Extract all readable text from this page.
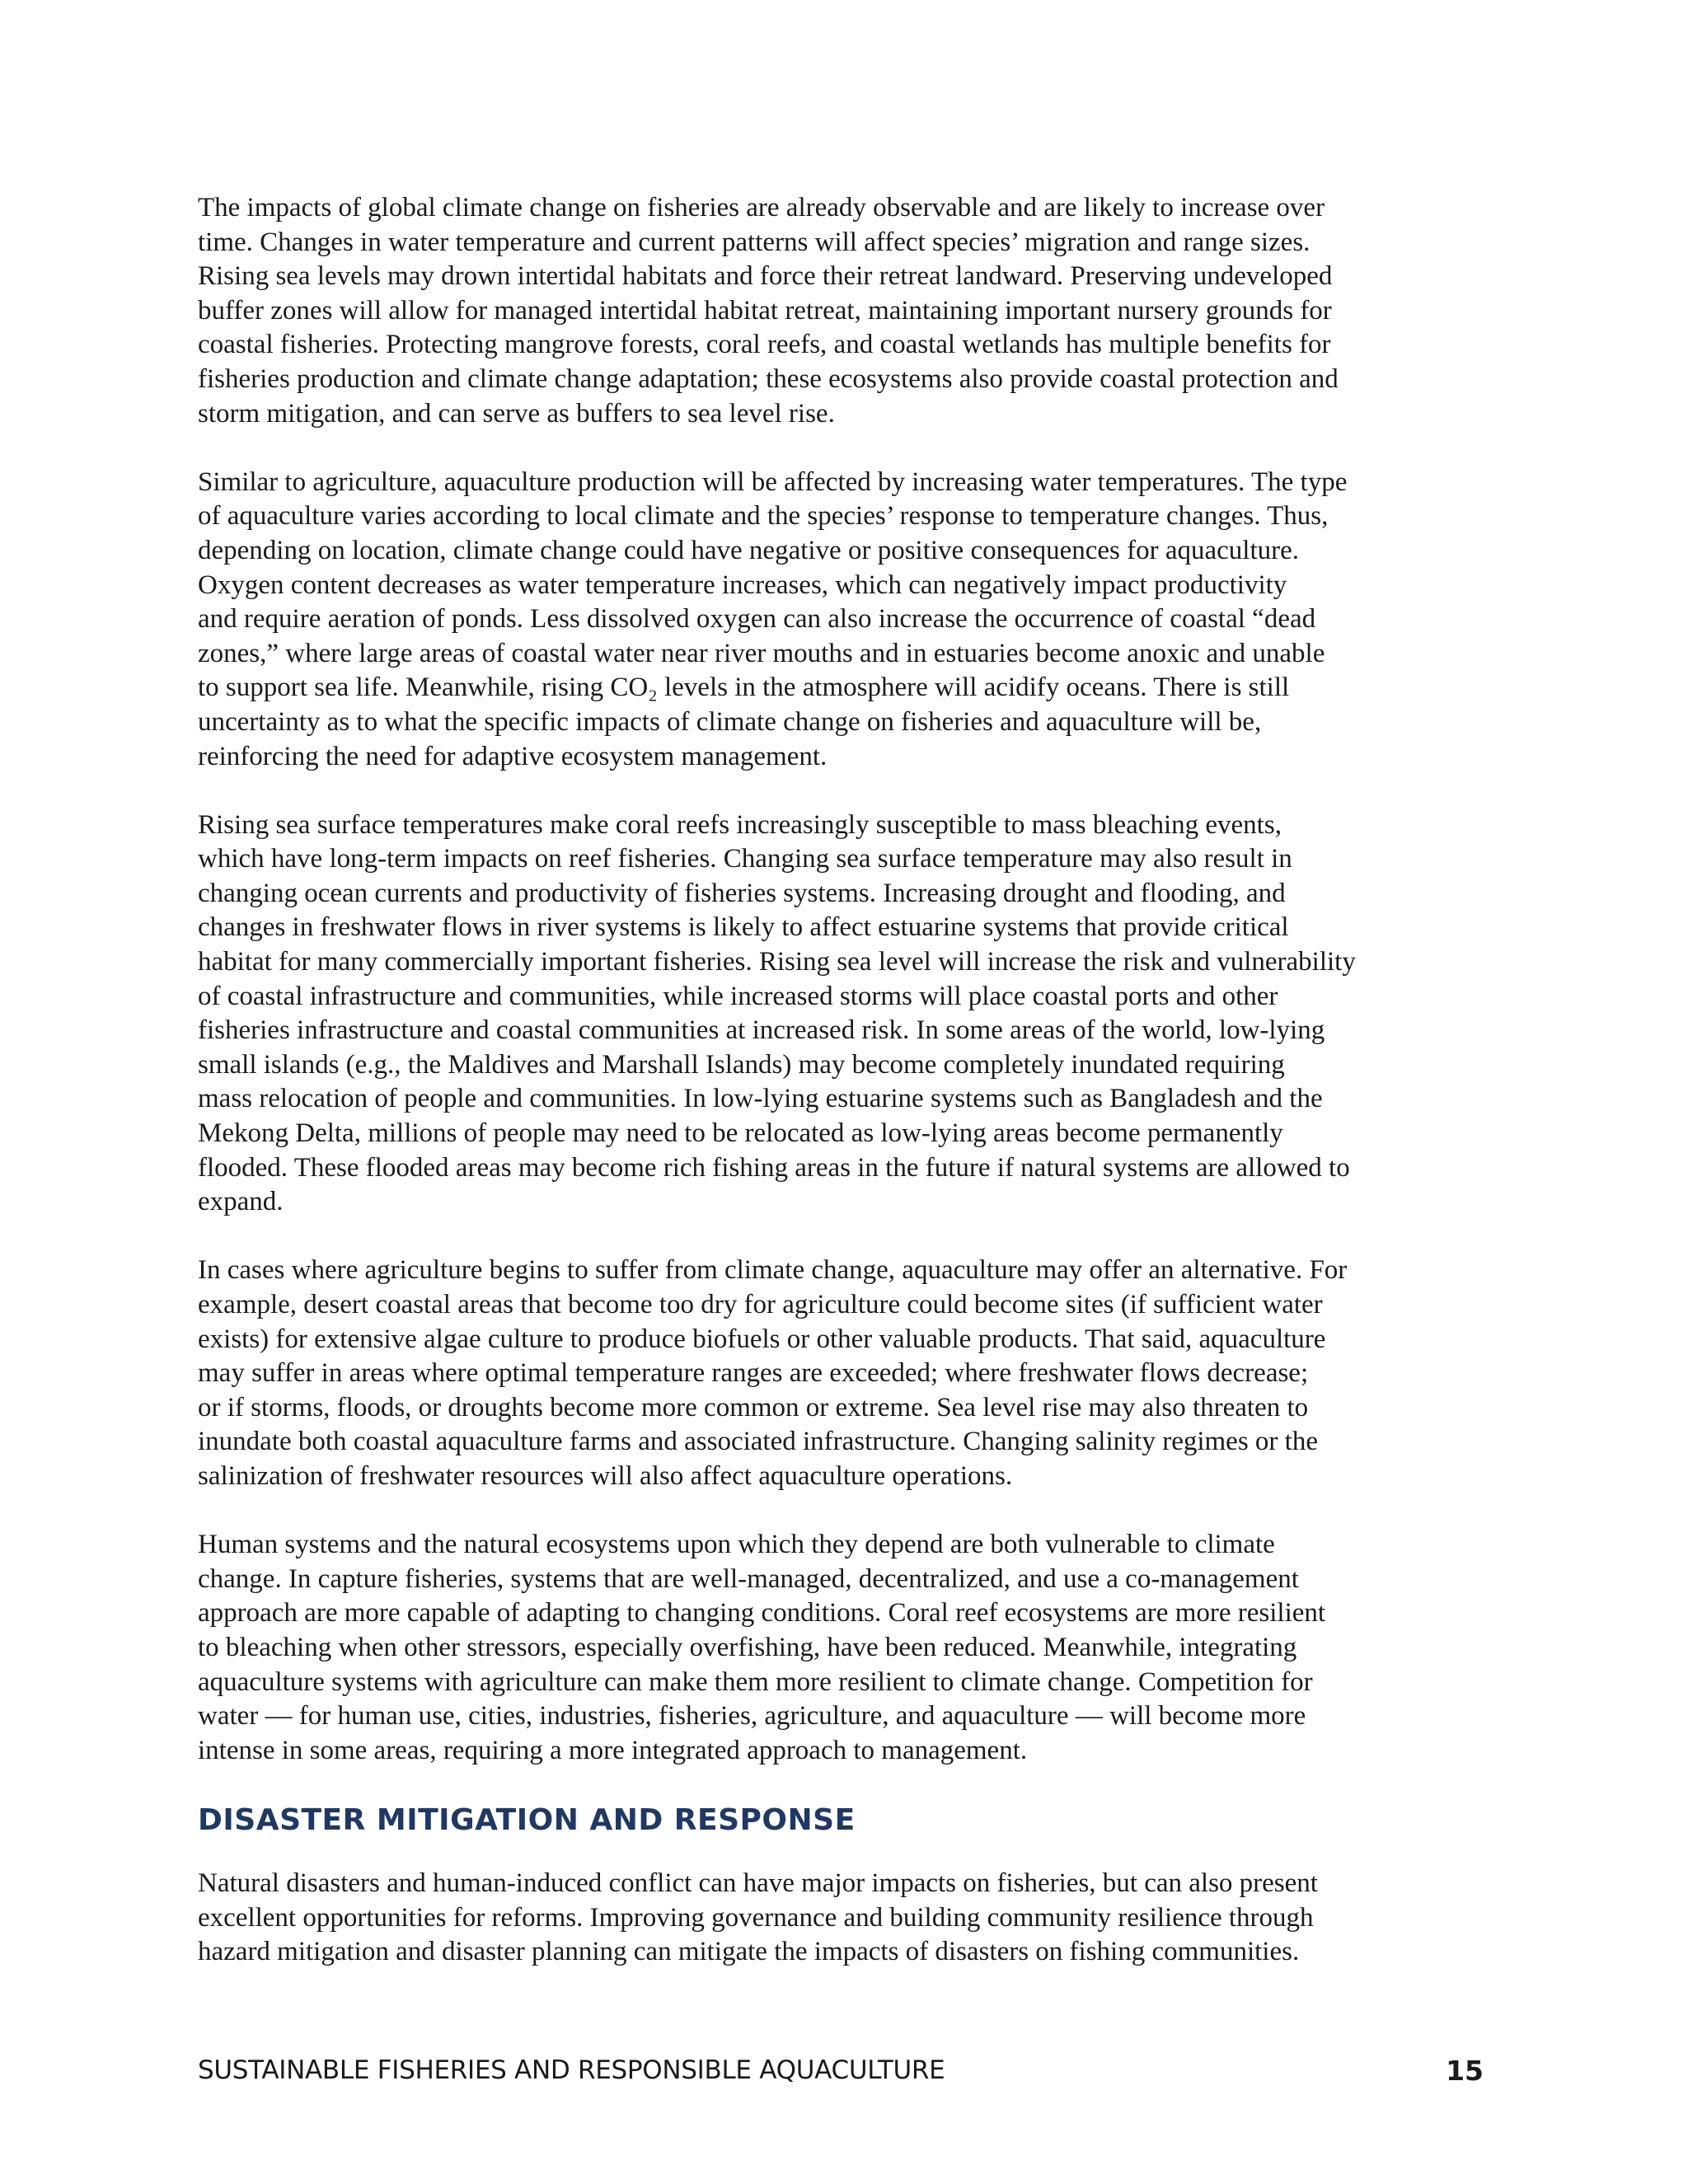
The impacts of global climate change on fisheries are already observable and are likely to increase over
time. Changes in water temperature and current patterns will affect species’ migration and range sizes.
Rising sea levels may drown intertidal habitats and force their retreat landward. Preserving undeveloped
buffer zones will allow for managed intertidal habitat retreat, maintaining important nursery grounds for
coastal fisheries. Protecting mangrove forests, coral reefs, and coastal wetlands has multiple benefits for
fisheries production and climate change adaptation; these ecosystems also provide coastal protection and
storm mitigation, and can serve as buffers to sea level rise.

Similar to agriculture, aquaculture production will be affected by increasing water temperatures. The type
of aquaculture varies according to local climate and the species’ response to temperature changes. Thus,
depending on location, climate change could have negative or positive consequences for aquaculture.
Oxygen content decreases as water temperature increases, which can negatively impact productivity
and require aeration of ponds. Less dissolved oxygen can also increase the occurrence of coastal “dead
zones,” where large areas of coastal water near river mouths and in estuaries become anoxic and unable
to support sea life. Meanwhile, rising CO₂ levels in the atmosphere will acidify oceans. There is still
uncertainty as to what the specific impacts of climate change on fisheries and aquaculture will be,
reinforcing the need for adaptive ecosystem management.

Rising sea surface temperatures make coral reefs increasingly susceptible to mass bleaching events,
which have long-term impacts on reef fisheries. Changing sea surface temperature may also result in
changing ocean currents and productivity of fisheries systems. Increasing drought and flooding, and
changes in freshwater flows in river systems is likely to affect estuarine systems that provide critical
habitat for many commercially important fisheries. Rising sea level will increase the risk and vulnerability
of coastal infrastructure and communities, while increased storms will place coastal ports and other
fisheries infrastructure and coastal communities at increased risk. In some areas of the world, low-lying
small islands (e.g., the Maldives and Marshall Islands) may become completely inundated requiring
mass relocation of people and communities. In low-lying estuarine systems such as Bangladesh and the
Mekong Delta, millions of people may need to be relocated as low-lying areas become permanently
flooded. These flooded areas may become rich fishing areas in the future if natural systems are allowed to
expand.

In cases where agriculture begins to suffer from climate change, aquaculture may offer an alternative. For
example, desert coastal areas that become too dry for agriculture could become sites (if sufficient water
exists) for extensive algae culture to produce biofuels or other valuable products. That said, aquaculture
may suffer in areas where optimal temperature ranges are exceeded; where freshwater flows decrease;
or if storms, floods, or droughts become more common or extreme. Sea level rise may also threaten to
inundate both coastal aquaculture farms and associated infrastructure. Changing salinity regimes or the
salinization of freshwater resources will also affect aquaculture operations.

Human systems and the natural ecosystems upon which they depend are both vulnerable to climate
change. In capture fisheries, systems that are well-managed, decentralized, and use a co-management
approach are more capable of adapting to changing conditions. Coral reef ecosystems are more resilient
to bleaching when other stressors, especially overfishing, have been reduced. Meanwhile, integrating
aquaculture systems with agriculture can make them more resilient to climate change. Competition for
water — for human use, cities, industries, fisheries, agriculture, and aquaculture — will become more
intense in some areas, requiring a more integrated approach to management.

DISASTER MITIGATION AND RESPONSE

Natural disasters and human-induced conflict can have major impacts on fisheries, but can also present
excellent opportunities for reforms. Improving governance and building community resilience through
hazard mitigation and disaster planning can mitigate the impacts of disasters on fishing communities.

SUSTAINABLE FISHERIES AND RESPONSIBLE AQUACULTURE	15
